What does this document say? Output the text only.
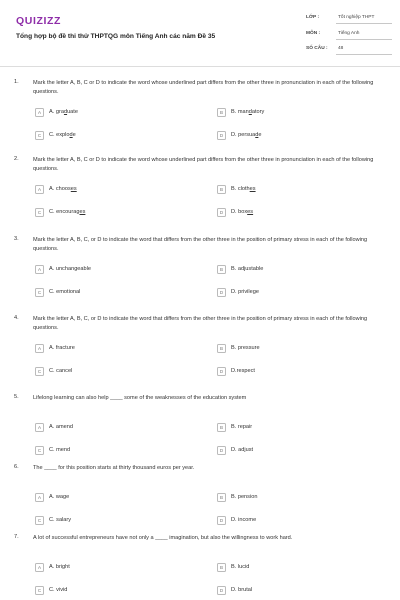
QUIZIZZ
Tổng hợp bộ đề thi thử THPTQG môn Tiếng Anh các năm Đề 35
LỚP :	Tốt nghiệp THPT
MÔN :	Tiếng Anh
SỐ CÂU : 48
1.	Mark the letter A, B, C or D to indicate the word whose underlined part differs from the other three in pronunciation in each of the following questions.
A	A. graduate	B	B. mandatory
C	C. explode	D	D. persuade
2.	Mark the letter A, B, C or D to indicate the word whose underlined part differs from the other three in pronunciation in each of the following questions.
A	A. chooses	B	B. clothes
C	C. encourages	D	D. boxes
3.	Mark the letter A, B, C, or D to indicate the word that differs from the other three in the position of primary stress in each of the following questions.
A	A. unchangeable	B	B. adjustable
C	C. emotional	D	D. privilege
4.	Mark the letter A, B, C, or D to indicate the word that differs from the other three in the position of primary stress in each of the following questions.
A	A. fracture	B	B. pressure
C	C. cancel	D	D.respect
5.	Lifelong learning can also help ____ some of the weaknesses of the education system
A	A. amend	B	B. repair
C	C. mend	D	D. adjust
6.	The ____ for this position starts at thirty thousand euros per year.
A	A. wage	B	B. pension
C	C. salary	D	D. income
7.	A lot of successful entrepreneurs have not only a ____ imagination, but also the willingness to work hard.
A	A. bright	B	B. lucid
C	C. vivid	D	D. brutal
